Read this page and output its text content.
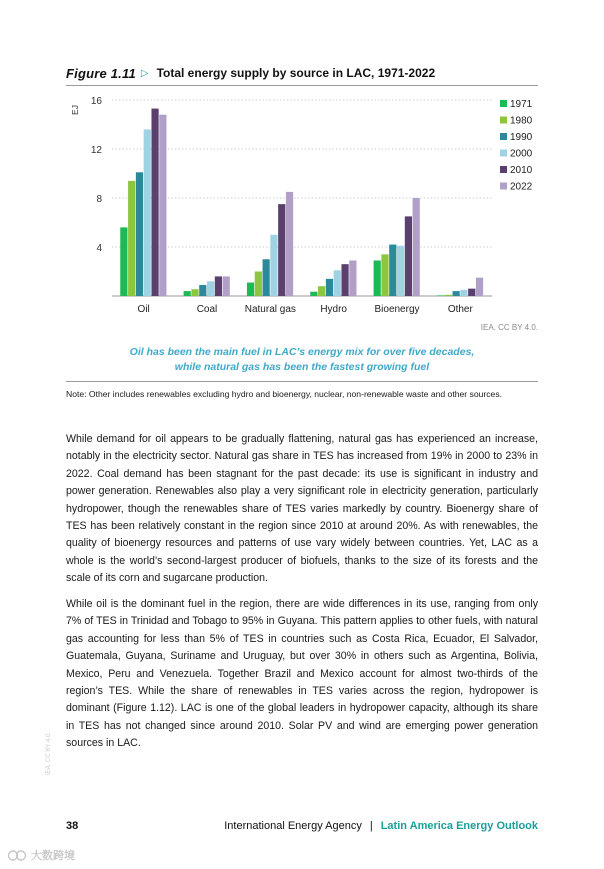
Figure 1.11 ▷ Total energy supply by source in LAC, 1971-2022
4
8
12
16
EJ
Oil	Coal	Natural gas Hydro	Bioenergy	Other
1971
1980
1990
2000
2010
2022
IEA. CC BY 4.0.
Oil has been the main fuel in LAC’s energy mix for over five decades,
while natural gas has been the fastest growing fuel
Note: Other includes renewables excluding hydro and bioenergy, nuclear, non-renewable waste and other sources.

While demand for oil appears to be gradually flattening, natural gas has experienced an increase, notably in the electricity sector. Natural gas share in TES has increased from 19% in 2000 to 23% in 2022. Coal demand has been stagnant for the past decade: its use is significant in industry and power generation. Renewables also play a very significant role in electricity generation, particularly hydropower, though the renewables share of TES varies markedly by country. Bioenergy share of TES has been relatively constant in the region since 2010 at around 20%. As with renewables, the quality of bioenergy resources and patterns of use vary widely between countries. Yet, LAC as a whole is the world’s second-largest producer of biofuels, thanks to the size of its forests and the scale of its corn and sugarcane production.

While oil is the dominant fuel in the region, there are wide differences in its use, ranging from only 7% of TES in Trinidad and Tobago to 95% in Guyana. This pattern applies to other fuels, with natural gas accounting for less than 5% of TES in countries such as Costa Rica, Ecuador, El Salvador, Guatemala, Guyana, Suriname and Uruguay, but over 30% in others such as Argentina, Bolivia, Mexico, Peru and Venezuela. Together Brazil and Mexico account for almost two-thirds of the region’s TES. While the share of renewables in TES varies across the region, hydropower is dominant (Figure 1.12). LAC is one of the global leaders in hydropower capacity, although its share in TES has not changed since around 2010. Solar PV and wind are emerging power generation sources in LAC.

IEA. CC BY 4.0.
38	International Energy Agency | Latin America Energy Outlook
大数跨境
